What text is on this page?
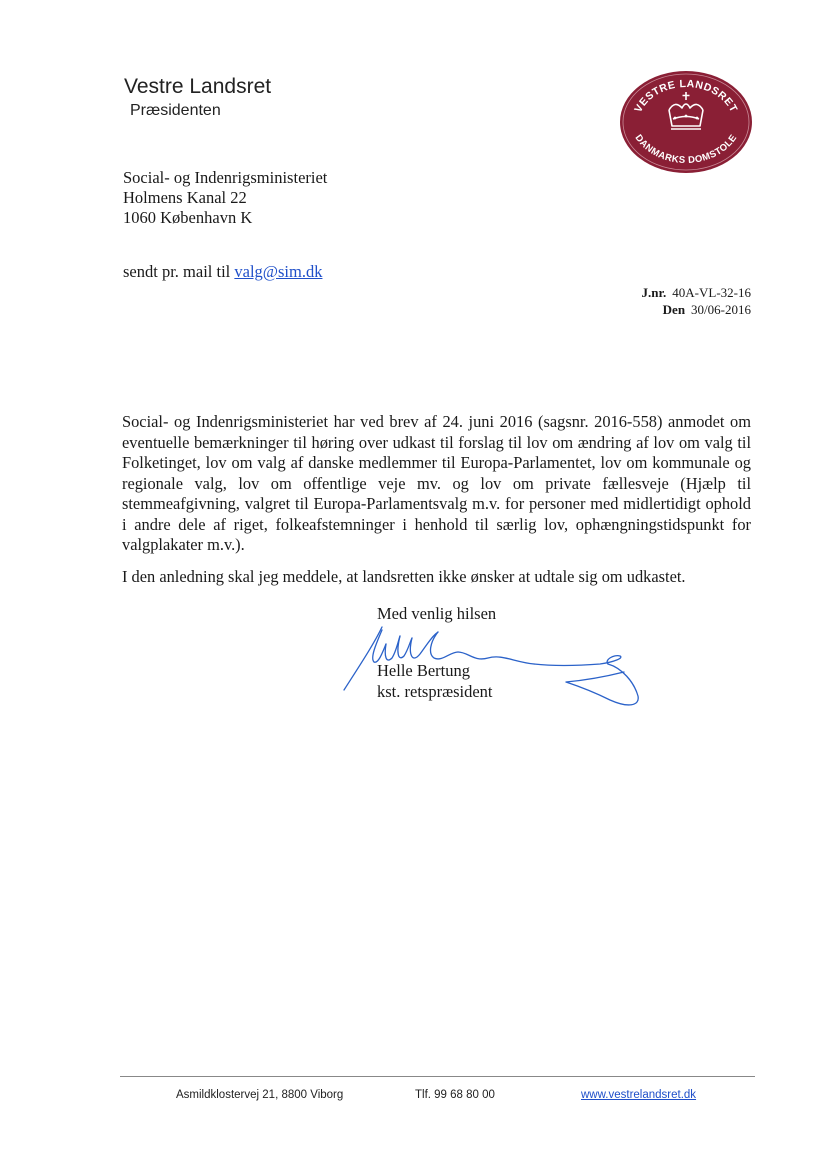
Vestre Landsret
Præsidenten	VESTRE LANDSRET
DANMARKS DOMSTOLE
Social- og Indenrigsministeriet
Holmens Kanal 22
1060 København K
sendt pr. mail til valg@sim.dk
J.nr. 40A-VL-32-16
Den 30/06-2016
Social- og Indenrigsministeriet har ved brev af 24. juni 2016 (sagsnr. 2016-558) anmodet om eventuelle bemærkninger til høring over udkast til forslag til lov om ændring af lov om valg til Folketinget, lov om valg af danske medlemmer til Europa-Parlamentet, lov om kommunale og regionale valg, lov om offentlige veje mv. og lov om private fællesveje (Hjælp til stemmeafgivning, valgret til Europa-Parlamentsvalg m.v. for personer med midlertidigt ophold i andre dele af riget, folkeafstemninger i henhold til særlig lov, ophængningstidspunkt for valgplakater m.v.).
I den anledning skal jeg meddele, at landsretten ikke ønsker at udtale sig om udkastet.
Med venlig hilsen
Helle Bertung
kst. retspræsident
Asmildklostervej 21, 8800 Viborg	Tlf. 99 68 80 00	www.vestrelandsret.dk
